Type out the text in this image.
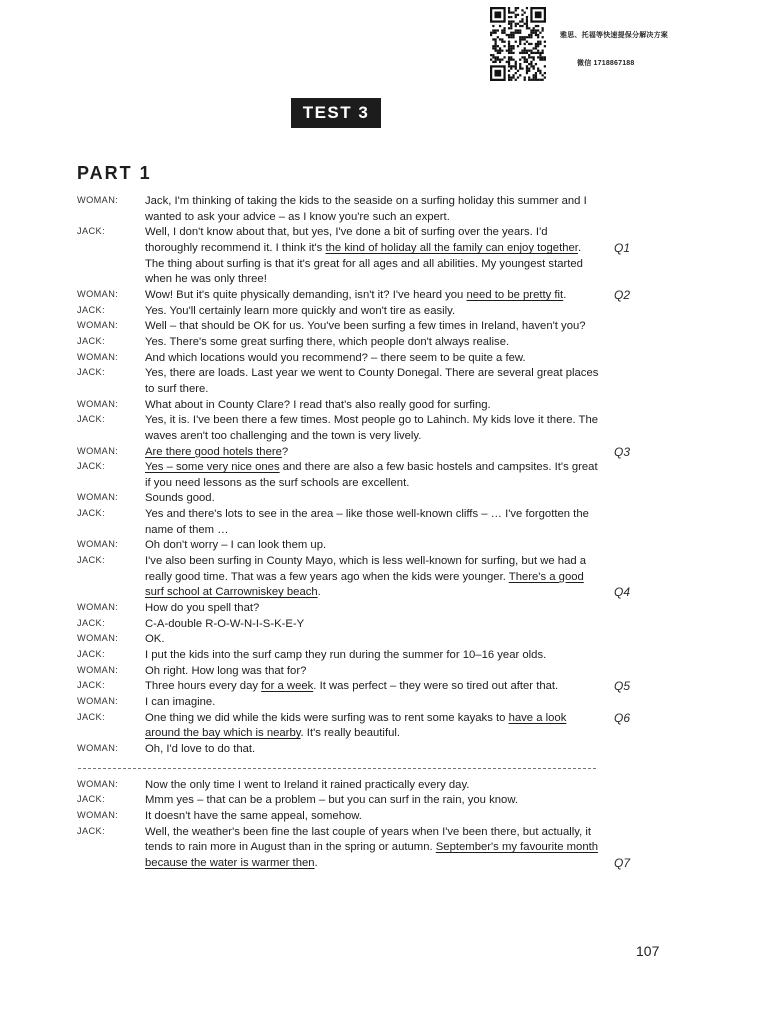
雅思、托福等快速提保分解决方案
微信 1718867188
TEST 3
PART 1
WOMAN:	Jack, I'm thinking of taking the kids to the seaside on a surfing holiday this summer and I wanted to ask your advice – as I know you're such an expert.
JACK:	Well, I don't know about that, but yes, I've done a bit of surfing over the years. I'd thoroughly recommend it. I think it's the kind of holiday all the family can enjoy together. The thing about surfing is that it's great for all ages and all abilities. My youngest started when he was only three!
Q1
WOMAN:	Wow! But it's quite physically demanding, isn't it? I've heard you need to be pretty fit.	Q2
JACK:	Yes. You'll certainly learn more quickly and won't tire as easily.
WOMAN:	Well – that should be OK for us. You've been surfing a few times in Ireland, haven't you?
JACK:	Yes. There's some great surfing there, which people don't always realise.
WOMAN:	And which locations would you recommend? – there seem to be quite a few.
JACK:	Yes, there are loads. Last year we went to County Donegal. There are several great places to surf there.
WOMAN:	What about in County Clare? I read that's also really good for surfing.
JACK:	Yes, it is. I've been there a few times. Most people go to Lahinch. My kids love it there. The waves aren't too challenging and the town is very lively.
WOMAN:	Are there good hotels there?	Q3
JACK:	Yes – some very nice ones and there are also a few basic hostels and campsites. It's great if you need lessons as the surf schools are excellent.
WOMAN:	Sounds good.
JACK:	Yes and there's lots to see in the area – like those well-known cliffs – … I've forgotten the name of them …
WOMAN:	Oh don't worry – I can look them up.
JACK:	I've also been surfing in County Mayo, which is less well-known for surfing, but we had a really good time. That was a few years ago when the kids were younger. There's a good surf school at Carrowniskey beach.	Q4
WOMAN:	How do you spell that?
JACK:	C-A-double R-O-W-N-I-S-K-E-Y
WOMAN:	OK.
JACK:	I put the kids into the surf camp they run during the summer for 10–16 year olds.
WOMAN:	Oh right. How long was that for?
JACK:	Three hours every day for a week. It was perfect – they were so tired out after that.	Q5
WOMAN:	I can imagine.
JACK:	One thing we did while the kids were surfing was to rent some kayaks to have a look around the bay which is nearby. It's really beautiful.
Q6
WOMAN:	Oh, I'd love to do that.
WOMAN:	Now the only time I went to Ireland it rained practically every day.
JACK:	Mmm yes – that can be a problem – but you can surf in the rain, you know.
WOMAN:	It doesn't have the same appeal, somehow.
JACK:	Well, the weather's been fine the last couple of years when I've been there, but actually, it tends to rain more in August than in the spring or autumn. September's my favourite month because the water is warmer then.	Q7
107
